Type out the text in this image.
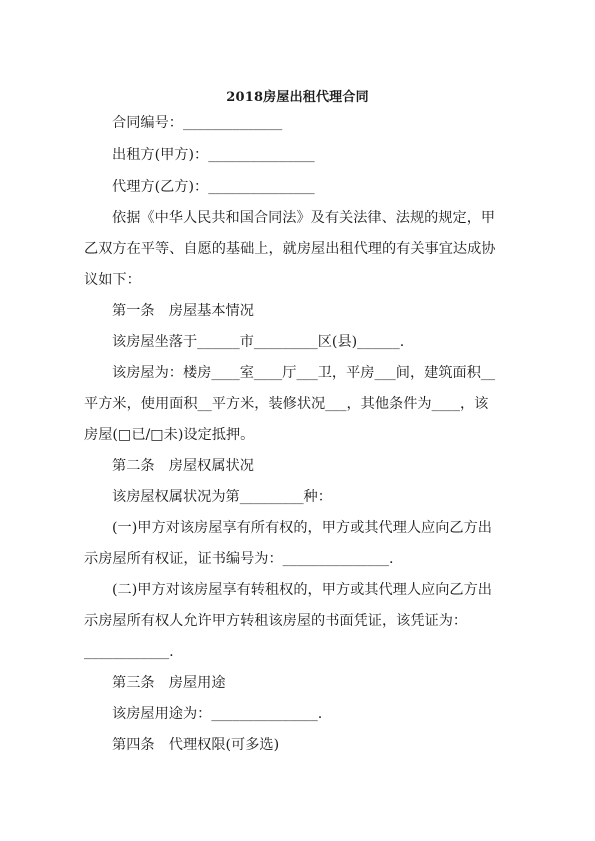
2018房屋出租代理合同
合同编号：______________
出租方(甲方)：_______________
代理方(乙方)：_______________
依据《中华人民共和国合同法》及有关法律、法规的规定，甲
乙双方在平等、自愿的基础上，就房屋出租代理的有关事宜达成协
议如下：
第一条　房屋基本情况
该房屋坐落于______市_________区(县)______.
该房屋为：楼房____室____厅___卫，平房___间，建筑面积__
平方米，使用面积__平方米，装修状况___，其他条件为____，该
房屋(□已/□未)设定抵押。
第二条　房屋权属状况
该房屋权属状况为第_________种：
(一)甲方对该房屋享有所有权的，甲方或其代理人应向乙方出
示房屋所有权证，证书编号为：_______________.
(二)甲方对该房屋享有转租权的，甲方或其代理人应向乙方出
示房屋所有权人允许甲方转租该房屋的书面凭证，该凭证为：
____________.
第三条　房屋用途
该房屋用途为：_______________.
第四条　代理权限(可多选)
